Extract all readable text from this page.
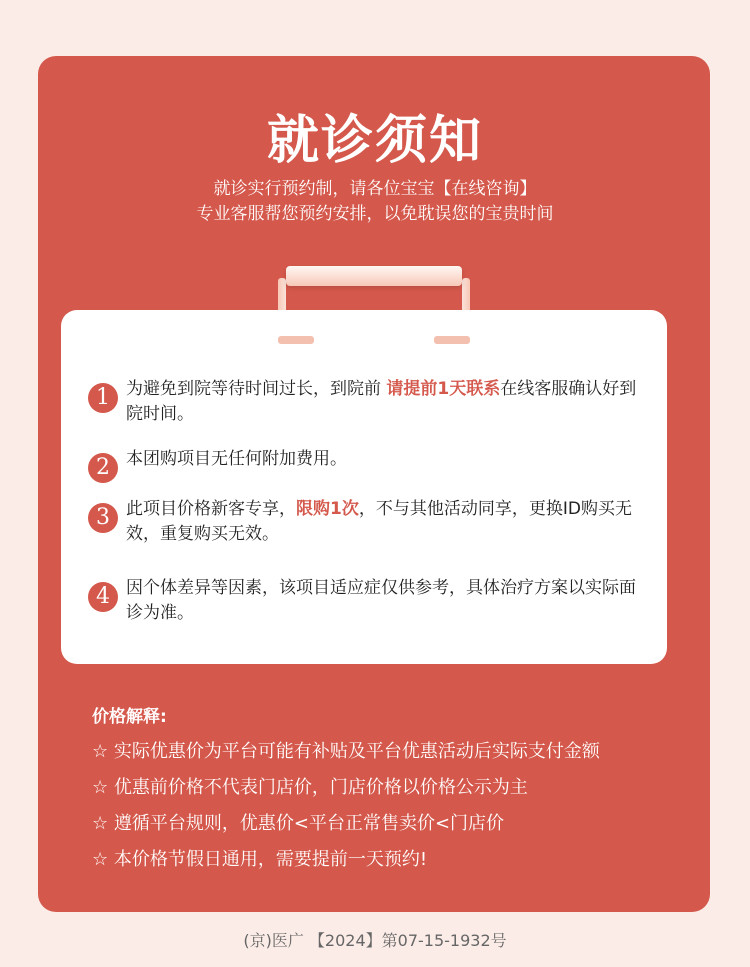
就诊须知
就诊实行预约制，请各位宝宝【在线咨询】
专业客服帮您预约安排，以免耽误您的宝贵时间
1 为避免到院等待时间过长，到院前 请提前1天联系在线客服确认好到院时间。
2 本团购项目无任何附加费用。
3 此项目价格新客专享，限购1次，不与其他活动同享，更换ID购买无效，重复购买无效。
4 因个体差异等因素，该项目适应症仅供参考，具体治疗方案以实际面诊为准。
价格解释:
☆ 实际优惠价为平台可能有补贴及平台优惠活动后实际支付金额
☆ 优惠前价格不代表门店价，门店价格以价格公示为主
☆ 遵循平台规则，优惠价<平台正常售卖价<门店价
☆ 本价格节假日通用，需要提前一天预约!
(京)医广 【2024】第07-15-1932号
